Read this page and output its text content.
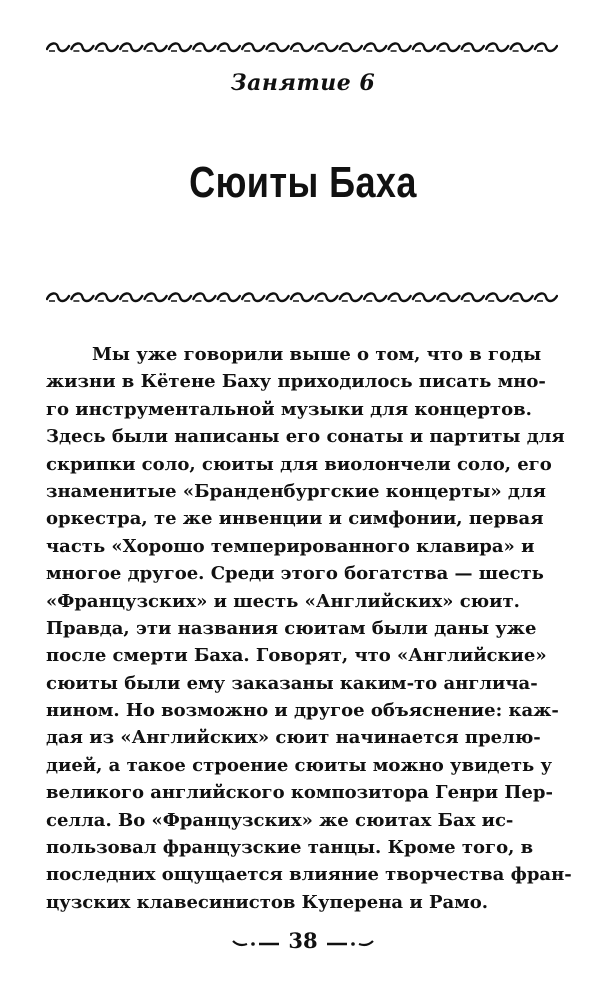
Занятие 6
Сюиты Баха
Мы уже говорили выше о том, что в годы
жизни в Кётене Баху приходилось писать мно-
го инструментальной музыки для концертов.
Здесь были написаны его сонаты и партиты для
скрипки соло, сюиты для виолончели соло, его
знаменитые «Бранденбургские концерты» для
оркестра, те же инвенции и симфонии, первая
часть «Хорошо темперированного клавира» и
многое другое. Среди этого богатства — шесть
«Французских» и шесть «Английских» сюит.
Правда, эти названия сюитам были даны уже
после смерти Баха. Говорят, что «Английские»
сюиты были ему заказаны каким-то англича-
нином. Но возможно и другое объяснение: каж-
дая из «Английских» сюит начинается прелю-
дией, а такое строение сюиты можно увидеть у
великого английского композитора Генри Пер-
селла. Во «Французских» же сюитах Бах ис-
пользовал французские танцы. Кроме того, в
последних ощущается влияние творчества фран-
цузских клавесинистов Куперена и Рамо.
38
